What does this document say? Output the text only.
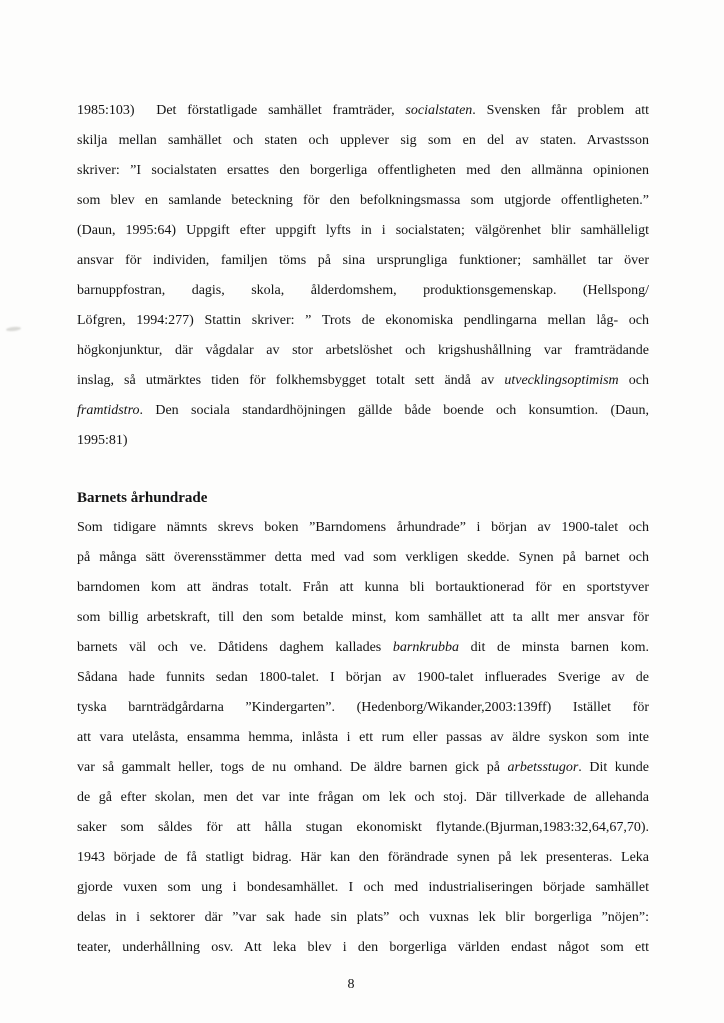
1985:103)  Det förstatligade samhället framträder, socialstaten. Svensken får problem att
skilja mellan samhället och staten och upplever sig som en del av staten. Arvastsson
skriver: ”I socialstaten ersattes den borgerliga offentligheten med den allmänna opinionen
som blev en samlande beteckning för den befolkningsmassa som utgjorde offentligheten.”
(Daun, 1995:64) Uppgift efter uppgift lyfts in i socialstaten; välgörenhet blir samhälleligt
ansvar för individen, familjen töms på sina ursprungliga funktioner; samhället tar över
barnuppfostran, dagis, skola, ålderdomshem, produktionsgemenskap. (Hellspong/
Löfgren, 1994:277) Stattin skriver: ” Trots de ekonomiska pendlingarna mellan låg- och
högkonjunktur, där vågdalar av stor arbetslöshet och krigshushållning var framträdande
inslag, så utmärktes tiden för folkhemsbygget totalt sett ändå av utvecklingsoptimism och
framtidstro. Den sociala standardhöjningen gällde både boende och konsumtion. (Daun,
1995:81)
Barnets århundrade
Som tidigare nämnts skrevs boken ”Barndomens århundrade” i början av 1900-talet och
på många sätt överensstämmer detta med vad som verkligen skedde. Synen på barnet och
barndomen kom att ändras totalt. Från att kunna bli bortauktionerad för en sportstyver
som billig arbetskraft, till den som betalde minst, kom samhället att ta allt mer ansvar för
barnets väl och ve. Dåtidens daghem kallades barnkrubba dit de minsta barnen kom.
Sådana hade funnits sedan 1800-talet. I början av 1900-talet influerades Sverige av de
tyska barnträdgårdarna ”Kindergarten”. (Hedenborg/Wikander,2003:139ff) Istället för
att vara utelåsta, ensamma hemma, inlåsta i ett rum eller passas av äldre syskon som inte
var så gammalt heller, togs de nu omhand. De äldre barnen gick på arbetsstugor. Dit kunde
de gå efter skolan, men det var inte frågan om lek och stoj. Där tillverkade de allehanda
saker som såldes för att hålla stugan ekonomiskt flytande.(Bjurman,1983:32,64,67,70).
1943 började de få statligt bidrag. Här kan den förändrade synen på lek presenteras. Leka
gjorde vuxen som ung i bondesamhället. I och med industrialiseringen började samhället
delas in i sektorer där ”var sak hade sin plats” och vuxnas lek blir borgerliga ”nöjen”:
teater, underhållning osv. Att leka blev i den borgerliga världen endast något som ett
8
